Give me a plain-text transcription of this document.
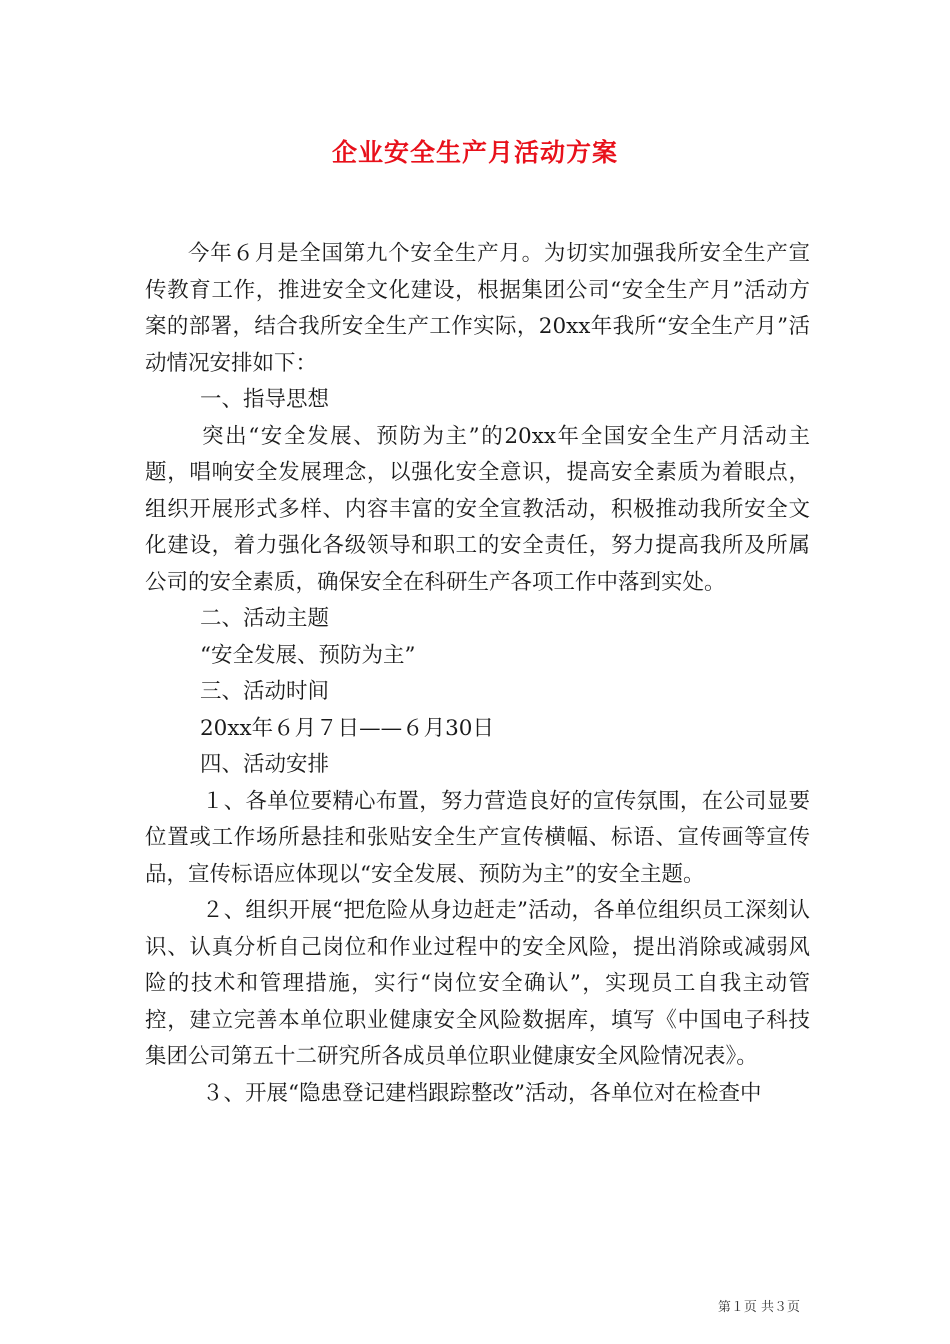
企业安全生产月活动方案

今年６月是全国第九个安全生产月。为切实加强我所安全生产宣传教育工作，推进安全文化建设，根据集团公司“安全生产月”活动方案的部署，结合我所安全生产工作实际，20xx年我所“安全生产月”活动情况安排如下：

一、指导思想

突出“安全发展、预防为主”的20xx年全国安全生产月活动主题，唱响安全发展理念，以强化安全意识，提高安全素质为着眼点，组织开展形式多样、内容丰富的安全宣教活动，积极推动我所安全文化建设，着力强化各级领导和职工的安全责任，努力提高我所及所属公司的安全素质，确保安全在科研生产各项工作中落到实处。

二、活动主题

“安全发展、预防为主”

三、活动时间

20xx年６月７日——６月30日

四、活动安排

１、各单位要精心布置，努力营造良好的宣传氛围，在公司显要位置或工作场所悬挂和张贴安全生产宣传横幅、标语、宣传画等宣传品，宣传标语应体现以“安全发展、预防为主”的安全主题。

２、组织开展“把危险从身边赶走”活动，各单位组织员工深刻认识、认真分析自己岗位和作业过程中的安全风险，提出消除或减弱风险的技术和管理措施，实行“岗位安全确认”，实现员工自我主动管控，建立完善本单位职业健康安全风险数据库，填写《中国电子科技集团公司第五十二研究所各成员单位职业健康安全风险情况表》。

３、开展“隐患登记建档跟踪整改”活动，各单位对在检查中

第１页 共３页
